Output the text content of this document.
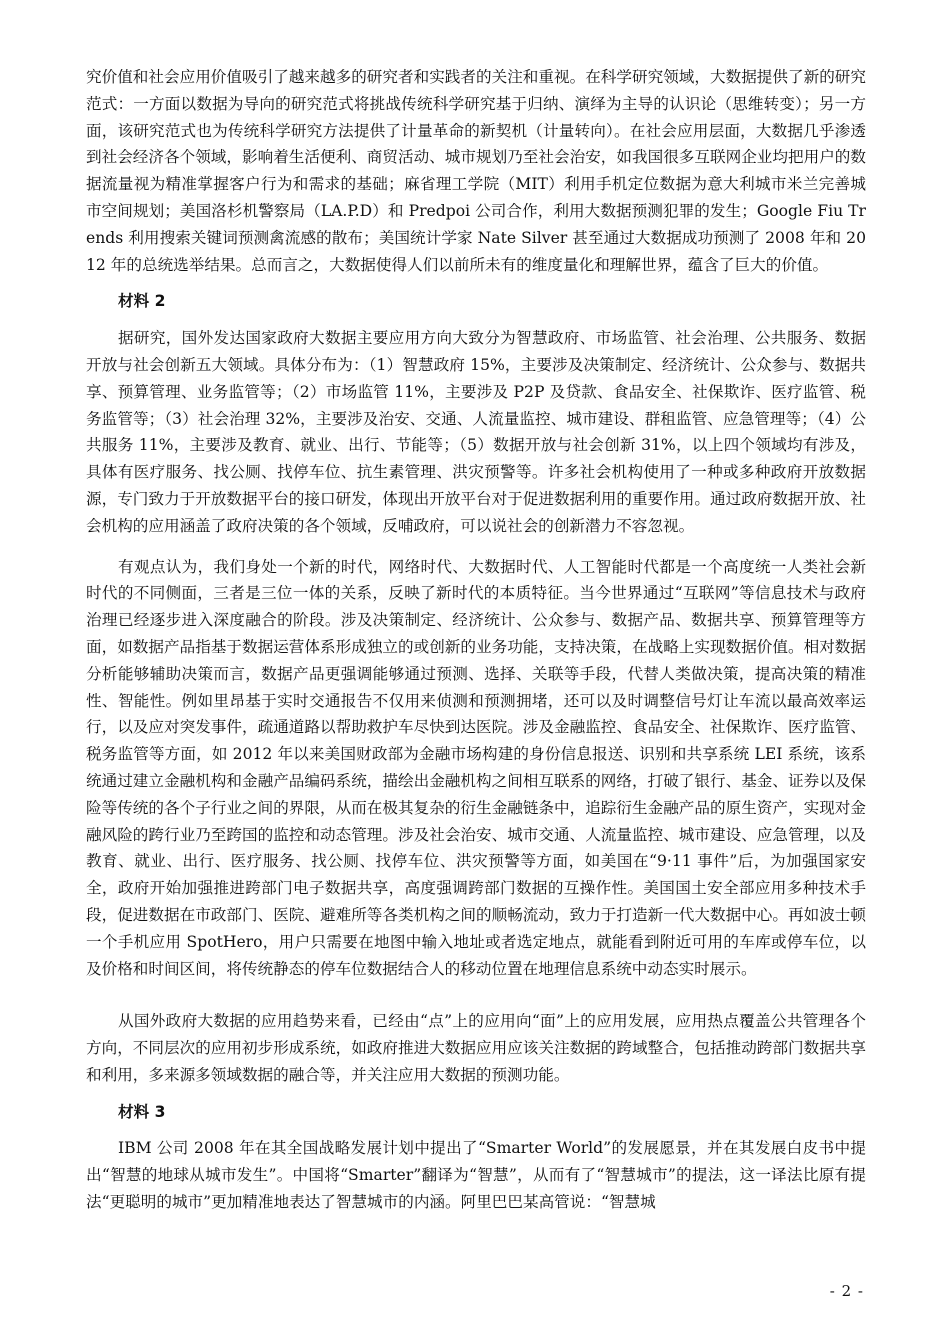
究价值和社会应用价值吸引了越来越多的研究者和实践者的关注和重视。在科学研究领域，大数据提供了新的研究范式：一方面以数据为导向的研究范式将挑战传统科学研究基于归纳、演绎为主导的认识论（思维转变）；另一方面，该研究范式也为传统科学研究方法提供了计量革命的新契机（计量转向）。在社会应用层面，大数据几乎渗透到社会经济各个领域，影响着生活便利、商贸活动、城市规划乃至社会治安，如我国很多互联网企业均把用户的数据流量视为精准掌握客户行为和需求的基础；麻省理工学院（MIT）利用手机定位数据为意大利城市米兰完善城市空间规划；美国洛杉机警察局（LA.P.D）和 Predpoi 公司合作，利用大数据预测犯罪的发生；Google Fiu Trends 利用搜索关键词预测禽流感的散布；美国统计学家 Nate Silver 甚至通过大数据成功预测了 2008 年和 2012 年的总统选举结果。总而言之，大数据使得人们以前所未有的维度量化和理解世界，蕴含了巨大的价值。

材料 2

据研究，国外发达国家政府大数据主要应用方向大致分为智慧政府、市场监管、社会治理、公共服务、数据开放与社会创新五大领域。具体分布为：（1）智慧政府 15%，主要涉及决策制定、经济统计、公众参与、数据共享、预算管理、业务监管等；（2）市场监管 11%，主要涉及 P2P 及贷款、食品安全、社保欺诈、医疗监管、税务监管等；（3）社会治理 32%，主要涉及治安、交通、人流量监控、城市建设、群租监管、应急管理等；（4）公共服务 11%，主要涉及教育、就业、出行、节能等；（5）数据开放与社会创新 31%，以上四个领域均有涉及，具体有医疗服务、找公厕、找停车位、抗生素管理、洪灾预警等。许多社会机构使用了一种或多种政府开放数据源，专门致力于开放数据平台的接口研发，体现出开放平台对于促进数据利用的重要作用。通过政府数据开放、社会机构的应用涵盖了政府决策的各个领域，反哺政府，可以说社会的创新潜力不容忽视。

有观点认为，我们身处一个新的时代，网络时代、大数据时代、人工智能时代都是一个高度统一人类社会新时代的不同侧面，三者是三位一体的关系，反映了新时代的本质特征。当今世界通过“互联网”等信息技术与政府治理已经逐步进入深度融合的阶段。涉及决策制定、经济统计、公众参与、数据产品、数据共享、预算管理等方面，如数据产品指基于数据运营体系形成独立的或创新的业务功能，支持决策，在战略上实现数据价值。相对数据分析能够辅助决策而言，数据产品更强调能够通过预测、选择、关联等手段，代替人类做决策，提高决策的精准性、智能性。例如里昂基于实时交通报告不仅用来侦测和预测拥堵，还可以及时调整信号灯让车流以最高效率运行，以及应对突发事件，疏通道路以帮助救护车尽快到达医院。涉及金融监控、食品安全、社保欺诈、医疗监管、税务监管等方面，如 2012 年以来美国财政部为金融市场构建的身份信息报送、识别和共享系统 LEI 系统，该系统通过建立金融机构和金融产品编码系统，描绘出金融机构之间相互联系的网络，打破了银行、基金、证券以及保险等传统的各个子行业之间的界限，从而在极其复杂的衍生金融链条中，追踪衍生金融产品的原生资产，实现对金融风险的跨行业乃至跨国的监控和动态管理。涉及社会治安、城市交通、人流量监控、城市建设、应急管理，以及教育、就业、出行、医疗服务、找公厕、找停车位、洪灾预警等方面，如美国在“9·11 事件”后，为加强国家安全，政府开始加强推进跨部门电子数据共享，高度强调跨部门数据的互操作性。美国国土安全部应用多种技术手段，促进数据在市政部门、医院、避难所等各类机构之间的顺畅流动，致力于打造新一代大数据中心。再如波士顿一个手机应用 SpotHero，用户只需要在地图中输入地址或者选定地点，就能看到附近可用的车库或停车位，以及价格和时间区间，将传统静态的停车位数据结合人的移动位置在地理信息系统中动态实时展示。

从国外政府大数据的应用趋势来看，已经由“点”上的应用向“面”上的应用发展，应用热点覆盖公共管理各个方向，不同层次的应用初步形成系统，如政府推进大数据应用应该关注数据的跨域整合，包括推动跨部门数据共享和利用，多来源多领域数据的融合等，并关注应用大数据的预测功能。

材料 3

IBM 公司 2008 年在其全国战略发展计划中提出了“Smarter World”的发展愿景，并在其发展白皮书中提出“智慧的地球从城市发生”。中国将“Smarter”翻译为“智慧”，从而有了“智慧城市”的提法，这一译法比原有提法“更聪明的城市”更加精准地表达了智慧城市的内涵。阿里巴巴某高管说：“智慧城

- 2 -
